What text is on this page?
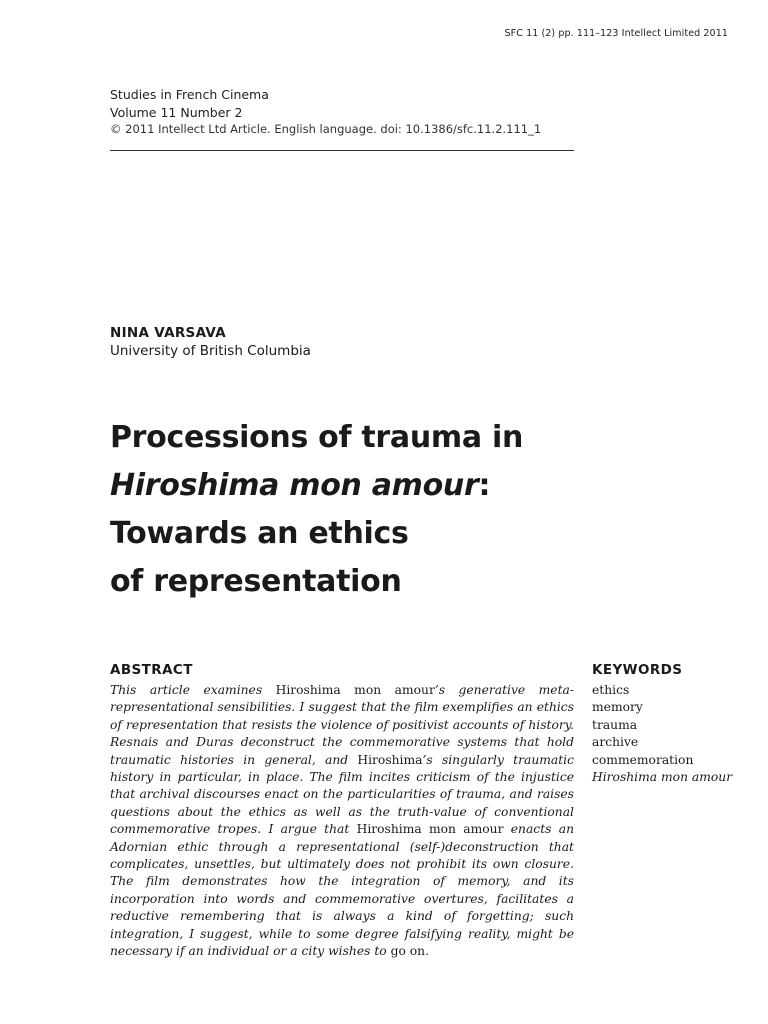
SFC 11 (2) pp. 111–123 Intellect Limited 2011
Studies in French Cinema
Volume 11 Number 2
© 2011 Intellect Ltd Article. English language. doi: 10.1386/sfc.11.2.111_1
NINA VARSAVA
University of British Columbia
Processions of trauma in
Hiroshima mon amour:
Towards an ethics
of representation
ABSTRACT
This article examines Hiroshima mon amour’s generative meta-representational sensibilities. I suggest that the film exemplifies an ethics of representation that resists the violence of positivist accounts of history. Resnais and Duras deconstruct the commemorative systems that hold traumatic histories in general, and Hiroshima’s singularly traumatic history in particular, in place. The film incites criticism of the injustice that archival discourses enact on the particularities of trauma, and raises questions about the ethics as well as the truth-value of conventional commemorative tropes. I argue that Hiroshima mon amour enacts an Adornian ethic through a representational (self-)deconstruction that complicates, unsettles, but ultimately does not prohibit its own closure. The film demonstrates how the integration of memory, and its incorporation into words and commemorative overtures, facilitates a reductive remembering that is always a kind of forgetting; such integration, I suggest, while to some degree falsifying reality, might be necessary if an individual or a city wishes to go on.
KEYWORDS
ethics
memory
trauma
archive
commemoration
Hiroshima mon amour
